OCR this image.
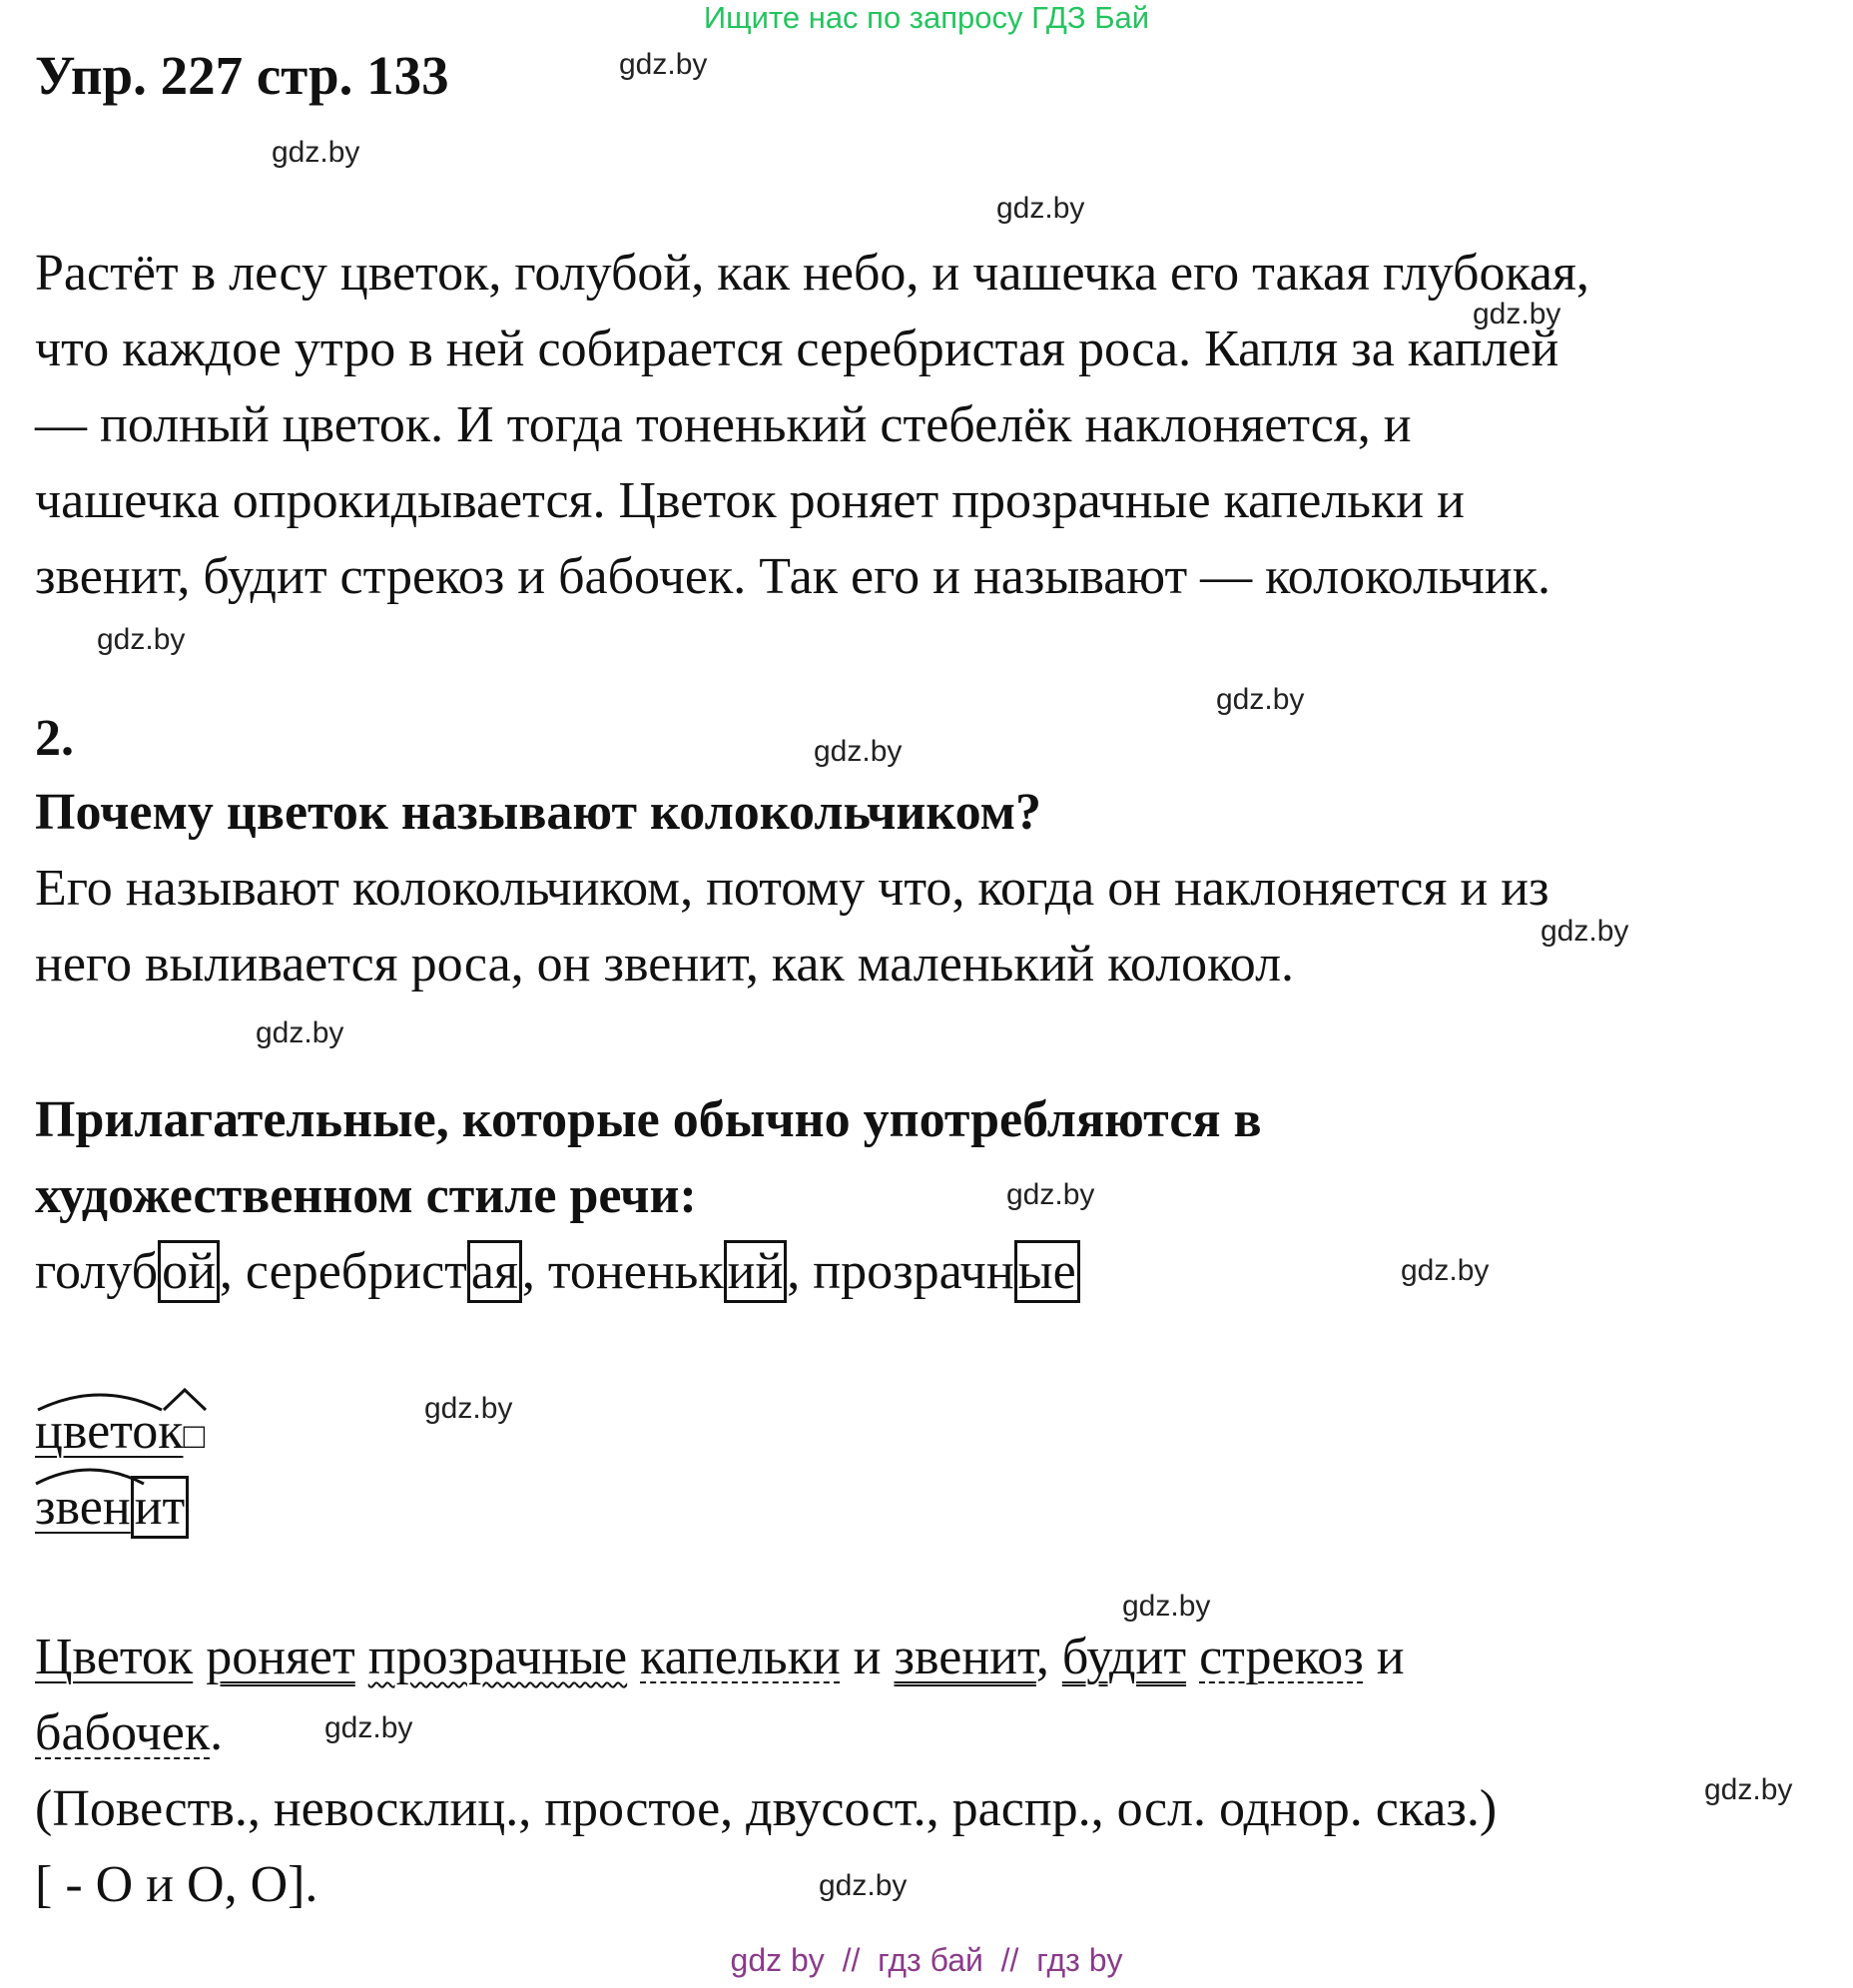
Ищите нас по запросу ГДЗ Бай
Упр. 227 стр. 133	gdz.by
gdz.by
gdz.by
gdz.by
gdz.by
gdz.by
gdz.by
gdz.by
gdz.by
gdz.by
gdz.by
gdz.by
gdz.by
gdz.by
gdz.by
gdz.by
Растёт в лесу цветок, голубой, как небо, и чашечка его такая глубокая,
что каждое утро в ней собирается серебристая роса. Капля за каплей
— полный цветок. И тогда тоненький стебелёк наклоняется, и
чашечка опрокидывается. Цветок роняет прозрачные капельки и
звенит, будит стрекоз и бабочек. Так его и называют — колокольчик.
2.
Почему цветок называют колокольчиком?
Его называют колокольчиком, потому что, когда он наклоняется и из
него выливается роса, он звенит, как маленький колокол.
Прилагательные, которые обычно употребляются в
художественном стиле речи:
голубой, серебристая, тоненький, прозрачные
цветок□
звенит
Цветок роняет прозрачные капельки и звенит, будит стрекоз и
бабочек.
(Повеств., невосклиц., простое, двусост., распр., осл. однор. сказ.)
[ - О и О, О].
gdz by  //  гдз бай  //  гдз by
